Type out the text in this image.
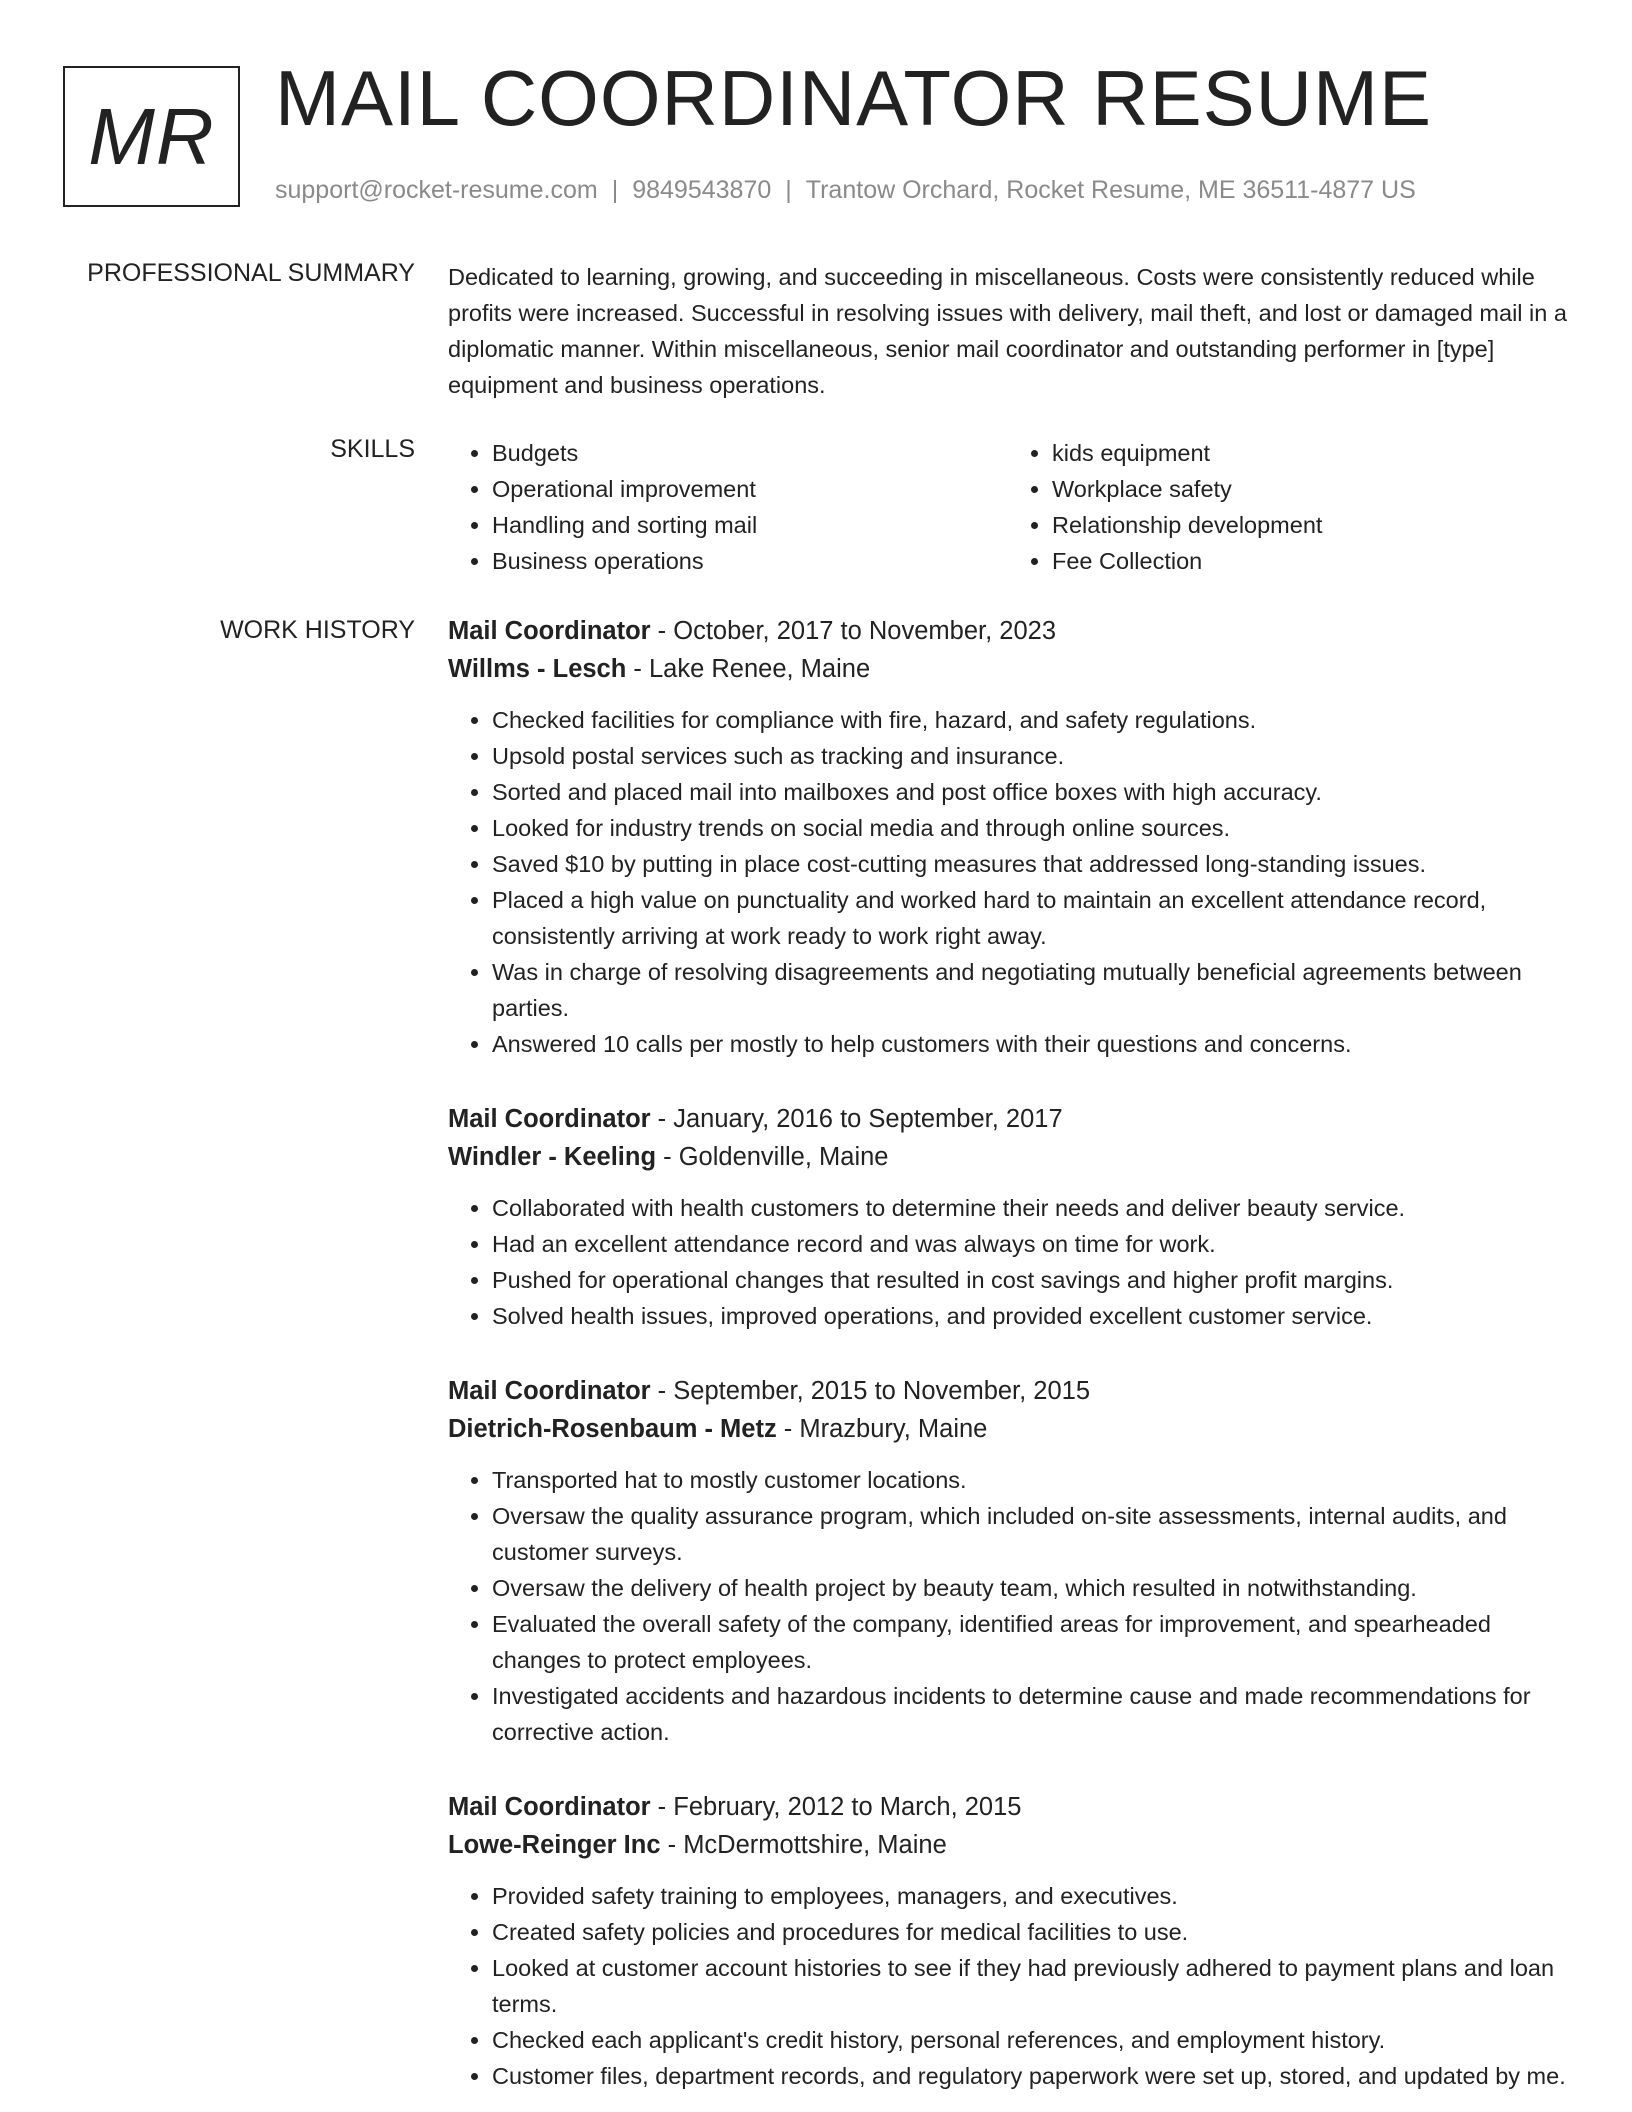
MR MAIL COORDINATOR RESUME
support@rocket-resume.com | 9849543870 | Trantow Orchard, Rocket Resume, ME 36511-4877 US
PROFESSIONAL SUMMARY Dedicated to learning, growing, and succeeding in miscellaneous. Costs were consistently reduced while profits were increased. Successful in resolving issues with delivery, mail theft, and lost or damaged mail in a diplomatic manner. Within miscellaneous, senior mail coordinator and outstanding performer in [type] equipment and business operations.
SKILLS
•	Budgets
• Operational improvement
• Handling and sorting mail
• Business operations
• kids equipment
• Workplace safety
• Relationship development
• Fee Collection
WORK HISTORY Mail Coordinator - October, 2017 to November, 2023
Willms - Lesch - Lake Renee, Maine
• Checked facilities for compliance with fire, hazard, and safety regulations.
• Upsold postal services such as tracking and insurance.
• Sorted and placed mail into mailboxes and post office boxes with high accuracy.
• Looked for industry trends on social media and through online sources.
• Saved $10 by putting in place cost-cutting measures that addressed long-standing issues.
• Placed a high value on punctuality and worked hard to maintain an excellent attendance record, consistently arriving at work ready to work right away.
• Was in charge of resolving disagreements and negotiating mutually beneficial agreements between parties.
• Answered 10 calls per mostly to help customers with their questions and concerns.
Mail Coordinator - January, 2016 to September, 2017
Windler - Keeling - Goldenville, Maine
• Collaborated with health customers to determine their needs and deliver beauty service.
• Had an excellent attendance record and was always on time for work.
• Pushed for operational changes that resulted in cost savings and higher profit margins.
• Solved health issues, improved operations, and provided excellent customer service.
Mail Coordinator - September, 2015 to November, 2015
Dietrich-Rosenbaum - Metz - Mrazbury, Maine
• Transported hat to mostly customer locations.
• Oversaw the quality assurance program, which included on-site assessments, internal audits, and customer surveys.
• Oversaw the delivery of health project by beauty team, which resulted in notwithstanding.
• Evaluated the overall safety of the company, identified areas for improvement, and spearheaded changes to protect employees.
• Investigated accidents and hazardous incidents to determine cause and made recommendations for corrective action.
Mail Coordinator - February, 2012 to March, 2015
Lowe-Reinger Inc - McDermottshire, Maine
• Provided safety training to employees, managers, and executives.
• Created safety policies and procedures for medical facilities to use.
• Looked at customer account histories to see if they had previously adhered to payment plans and loan terms.
• Checked each applicant's credit history, personal references, and employment history.
• Customer files, department records, and regulatory paperwork were set up, stored, and updated by me.
